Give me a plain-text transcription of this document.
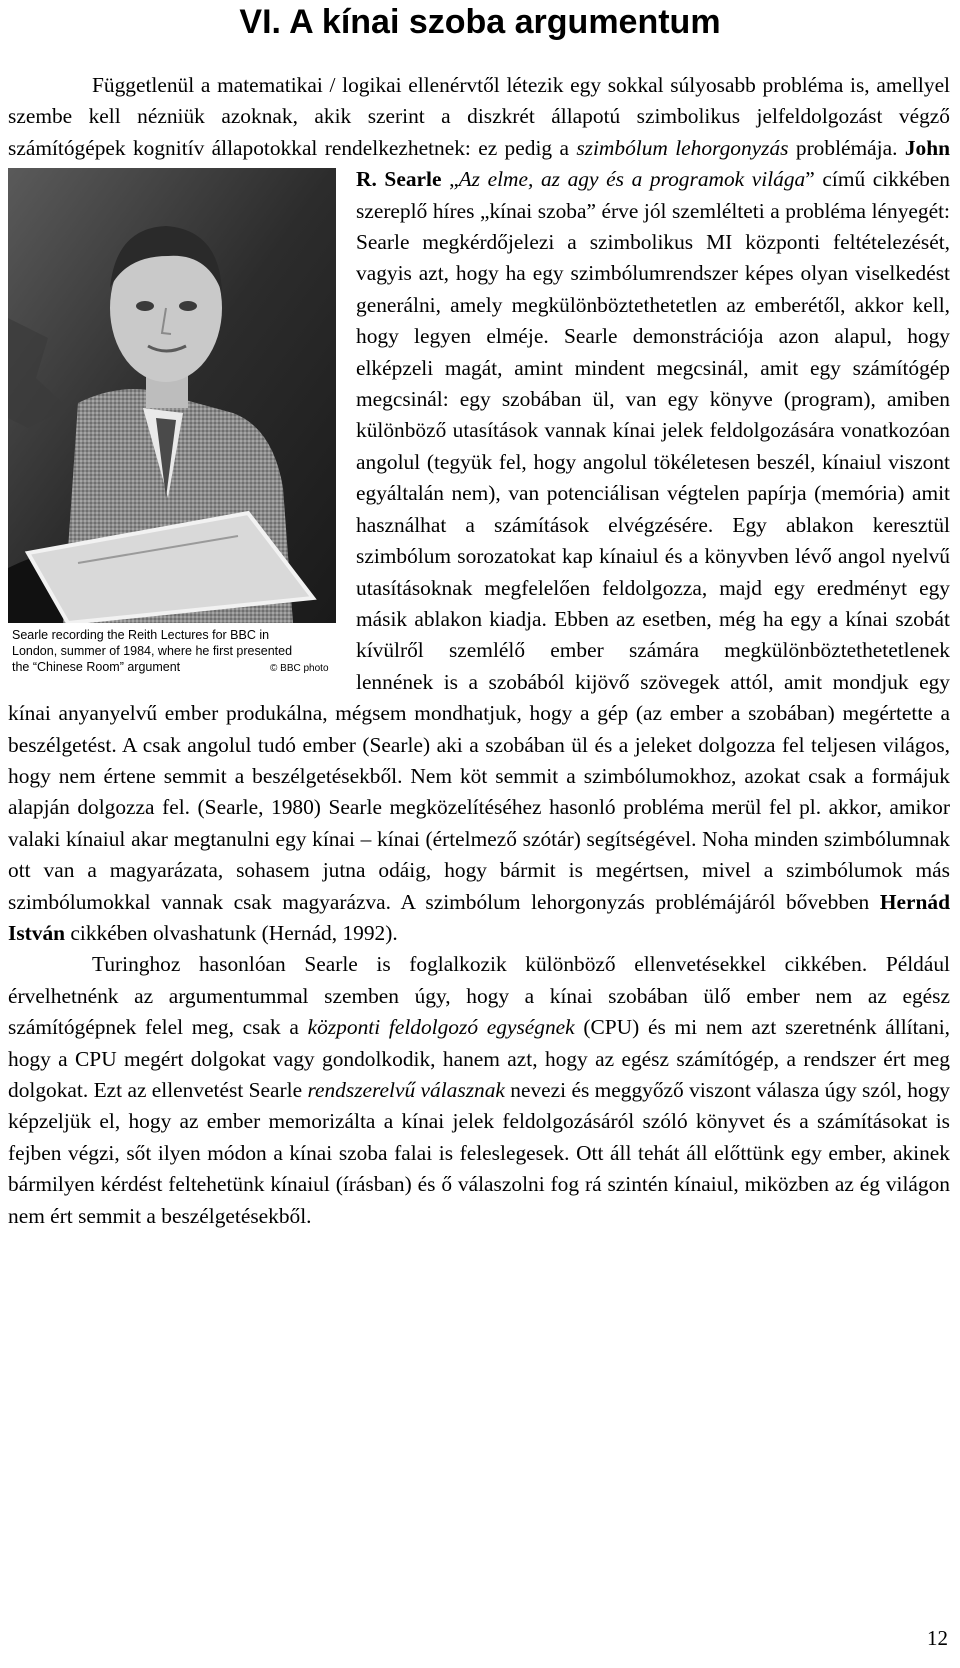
VI. A kínai szoba argumentum

Függetlenül a matematikai / logikai ellenérvtől létezik egy sokkal súlyosabb probléma is, amellyel szembe kell nézniük azoknak, akik szerint a diszkrét állapotú szimbolikus jelfeldolgozást végző számítógépek kognitív állapotokkal rendelkezhetnek: ez pedig a szimbólum lehorgonyzás problémája. John R. Searle „
Searle recording the Reith Lectures for BBC in
London, summer of 1984, where he first presented
the “Chinese Room” argument	© BBC photo
Az elme, az agy és a programok világa” című cikkében szereplő híres „kínai szoba” érve jól szemlélteti a probléma lényegét: Searle megkérdőjelezi a szimbolikus MI központi feltételezését, vagyis azt, hogy ha egy szimbólumrendszer képes olyan viselkedést generálni, amely megkülönböztethetetlen az emberétől, akkor kell, hogy legyen elméje. Searle demonstrációja azon alapul, hogy elképzeli magát, amint mindent megcsinál, amit egy számítógép megcsinál: egy szobában ül, van egy könyve (program), amiben különböző utasítások vannak kínai jelek feldolgozására vonatkozóan angolul (tegyük fel, hogy angolul tökéletesen beszél, kínaiul viszont egyáltalán nem), van potenciálisan végtelen papírja (memória) amit használhat a számítások elvégzésére. Egy ablakon keresztül szimbólum sorozatokat kap kínaiul és a könyvben lévő angol nyelvű utasításoknak megfelelően feldolgozza, majd egy eredményt egy másik ablakon kiadja. Ebben az esetben, még ha egy a kínai szobát kívülről szemlélő ember számára megkülönböztethetetlenek lennének is a szobából kijövő szövegek attól, amit mondjuk egy kínai anyanyelvű ember produkálna, mégsem mondhatjuk, hogy a gép (az ember a szobában) megértette a beszélgetést. A csak angolul tudó ember (Searle) aki a szobában ül és a jeleket dolgozza fel teljesen világos, hogy nem értene semmit a beszélgetésekből. Nem köt semmit a szimbólumokhoz, azokat csak a formájuk alapján dolgozza fel. (Searle, 1980) Searle megközelítéséhez hasonló probléma merül fel pl. akkor, amikor valaki kínaiul akar megtanulni egy kínai – kínai (értelmező szótár) segítségével. Noha minden szimbólumnak ott van a magyarázata, sohasem jutna odáig, hogy bármit is megértsen, mivel a szimbólumok más szimbólumokkal vannak csak magyarázva. A szimbólum lehorgonyzás problémájáról bővebben Hernád István cikkében olvashatunk (Hernád, 1992).

Turinghoz hasonlóan Searle is foglalkozik különböző ellenvetésekkel cikkében. Például érvelhetnénk az argumentummal szemben úgy, hogy a kínai szobában ülő ember nem az egész számítógépnek felel meg, csak a központi feldolgozó egységnek (CPU) és mi nem azt szeretnénk állítani, hogy a CPU megért dolgokat vagy gondolkodik, hanem azt, hogy az egész számítógép, a rendszer ért meg dolgokat. Ezt az ellenvetést Searle rendszerelvű válasznak nevezi és meggyőző viszont válasza úgy szól, hogy képzeljük el, hogy az ember memorizálta a kínai jelek feldolgozásáról szóló könyvet és a számításokat is fejben végzi, sőt ilyen módon a kínai szoba falai is feleslegesek. Ott áll tehát áll előttünk egy ember, akinek bármilyen kérdést feltehetünk kínaiul (írásban) és ő válaszolni fog rá szintén kínaiul, miközben az ég világon nem ért semmit a beszélgetésekből.

12
